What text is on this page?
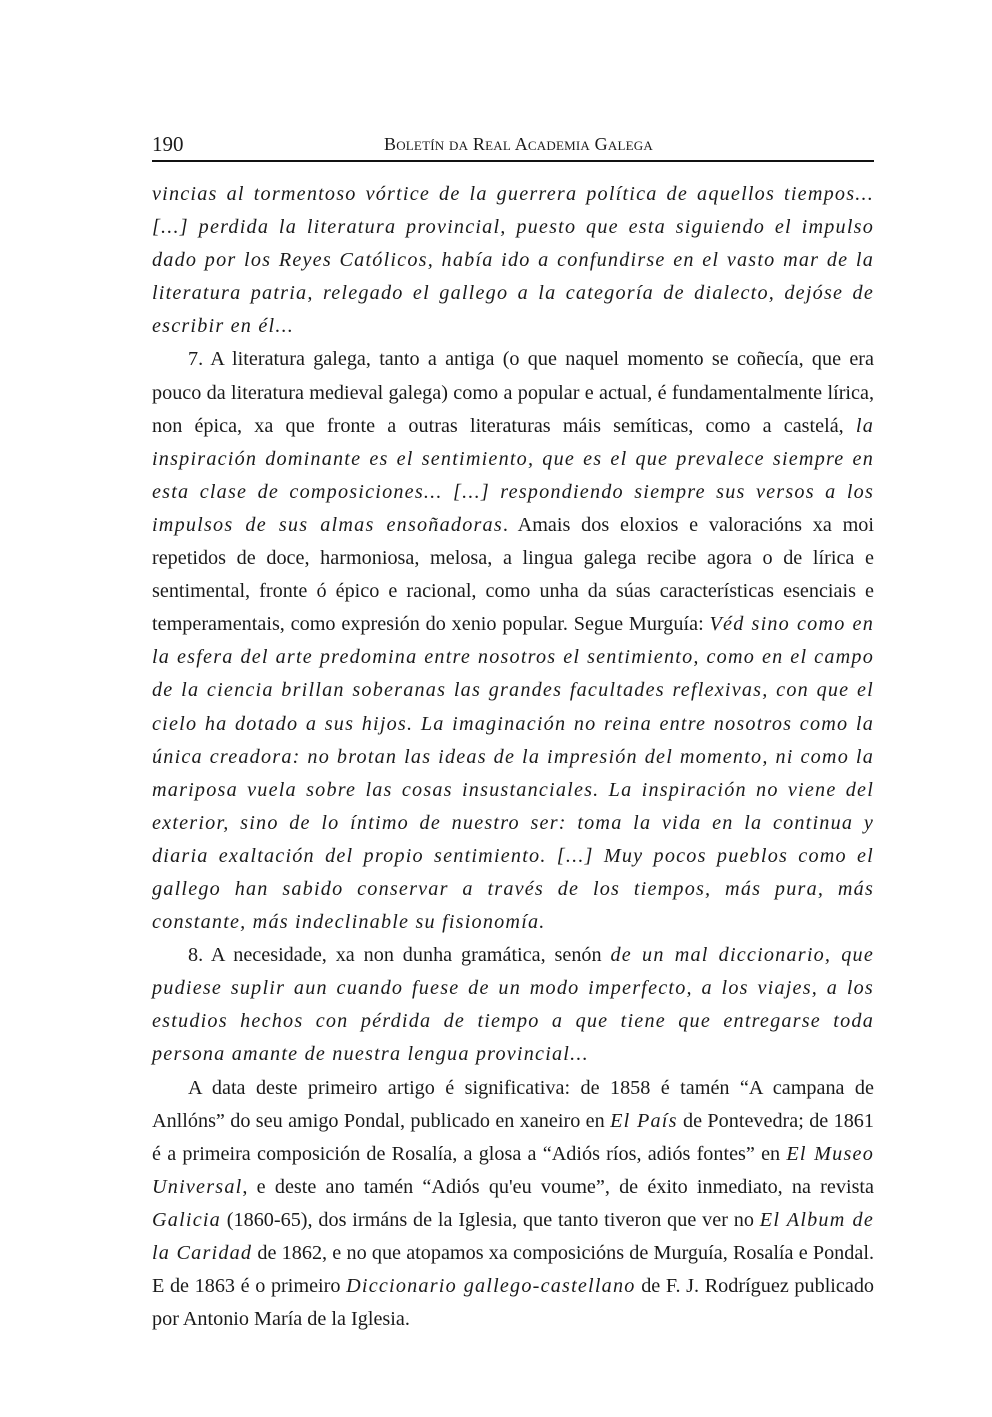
190	Boletín da Real Academia Galega

vincias al tormentoso vórtice de la guerrera política de aquellos tiempos...[...] perdida la literatura provincial, puesto que esta siguiendo el impulso dado por los Reyes Católicos, había ido a confundirse en el vasto mar de la literatura patria, relegado el gallego a la categoría de dialecto, dejóse de escribir en él...

7. A literatura galega, tanto a antiga (o que naquel momento se coñecía, que era pouco da literatura medieval galega) como a popular e actual, é fundamentalmente lírica, non épica, xa que fronte a outras literaturas máis semíticas, como a castelá, la inspiración dominante es el sentimiento, que es el que prevalece siempre en esta clase de composiciones... [...] respondiendo siempre sus versos a los impulsos de sus almas ensoñadoras. Amais dos eloxios e valoracións xa moi repetidos de doce, harmoniosa, melosa, a lingua galega recibe agora o de lírica e sentimental, fronte ó épico e racional, como unha da súas características esenciais e temperamentais, como expresión do xenio popular. Segue Murguía: Véd sino como en la esfera del arte predomina entre nosotros el sentimiento, como en el campo de la ciencia brillan soberanas las grandes facultades reflexivas, con que el cielo ha dotado a sus hijos. La imaginación no reina entre nosotros como la única creadora: no brotan las ideas de la impresión del momento, ni como la mariposa vuela sobre las cosas insustanciales. La inspiración no viene del exterior, sino de lo íntimo de nuestro ser: toma la vida en la continua y diaria exaltación del propio sentimiento. [...] Muy pocos pueblos como el gallego han sabido conservar a través de los tiempos, más pura, más constante, más indeclinable su fisionomía.

8. A necesidade, xa non dunha gramática, senón de un mal diccionario, que pudiese suplir aun cuando fuese de un modo imperfecto, a los viajes, a los estudios hechos con pérdida de tiempo a que tiene que entregarse toda persona amante de nuestra lengua provincial...

A data deste primeiro artigo é significativa: de 1858 é tamén “A campana de Anllóns” do seu amigo Pondal, publicado en xaneiro en El País de Pontevedra; de 1861 é a primeira composición de Rosalía, a glosa a “Adiós ríos, adiós fontes” en El Museo Universal, e deste ano tamén “Adiós qu'eu voume”, de éxito inmediato, na revista Galicia (1860-65), dos irmáns de la Iglesia, que tanto tiveron que ver no El Album de la Caridad de 1862, e no que atopamos xa composicións de Murguía, Rosalía e Pondal. E de 1863 é o primeiro Diccionario gallego-castellano de F. J. Rodríguez publicado por Antonio María de la Iglesia.
